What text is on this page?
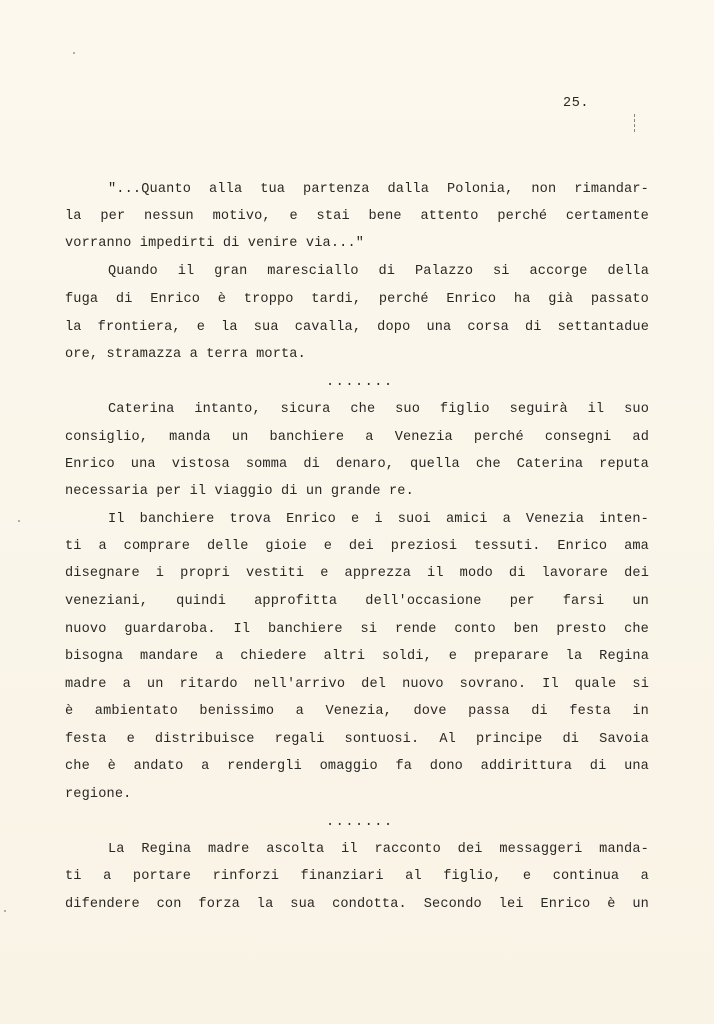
25.
"...Quanto alla tua partenza dalla Polonia, non rimandar-
la per nessun motivo, e stai bene attento perché certamente
vorranno impedirti di venire via..."
Quando il gran maresciallo di Palazzo si accorge della
fuga di Enrico è troppo tardi, perché Enrico ha già passato
la frontiera, e la sua cavalla, dopo una corsa di settantadue
ore, stramazza a terra morta.
.......
Caterina intanto, sicura che suo figlio seguirà il suo
consiglio, manda un banchiere a Venezia perché consegni ad
Enrico una vistosa somma di denaro, quella che Caterina reputa
necessaria per il viaggio di un grande re.
Il banchiere trova Enrico e i suoi amici a Venezia inten-
ti a comprare delle gioie e dei preziosi tessuti. Enrico ama
disegnare i propri vestiti e apprezza il modo di lavorare dei
veneziani, quindi approfitta dell'occasione per farsi un
nuovo guardaroba. Il banchiere si rende conto ben presto che
bisogna mandare a chiedere altri soldi, e preparare la Regina
madre a un ritardo nell'arrivo del nuovo sovrano. Il quale si
è ambientato benissimo a Venezia, dove passa di festa in
festa e distribuisce regali sontuosi. Al principe di Savoia
che è andato a rendergli omaggio fa dono addirittura di una
regione.
.......
La Regina madre ascolta il racconto dei messaggeri manda-
ti a portare rinforzi finanziari al figlio, e continua a
difendere con forza la sua condotta. Secondo lei Enrico è un
